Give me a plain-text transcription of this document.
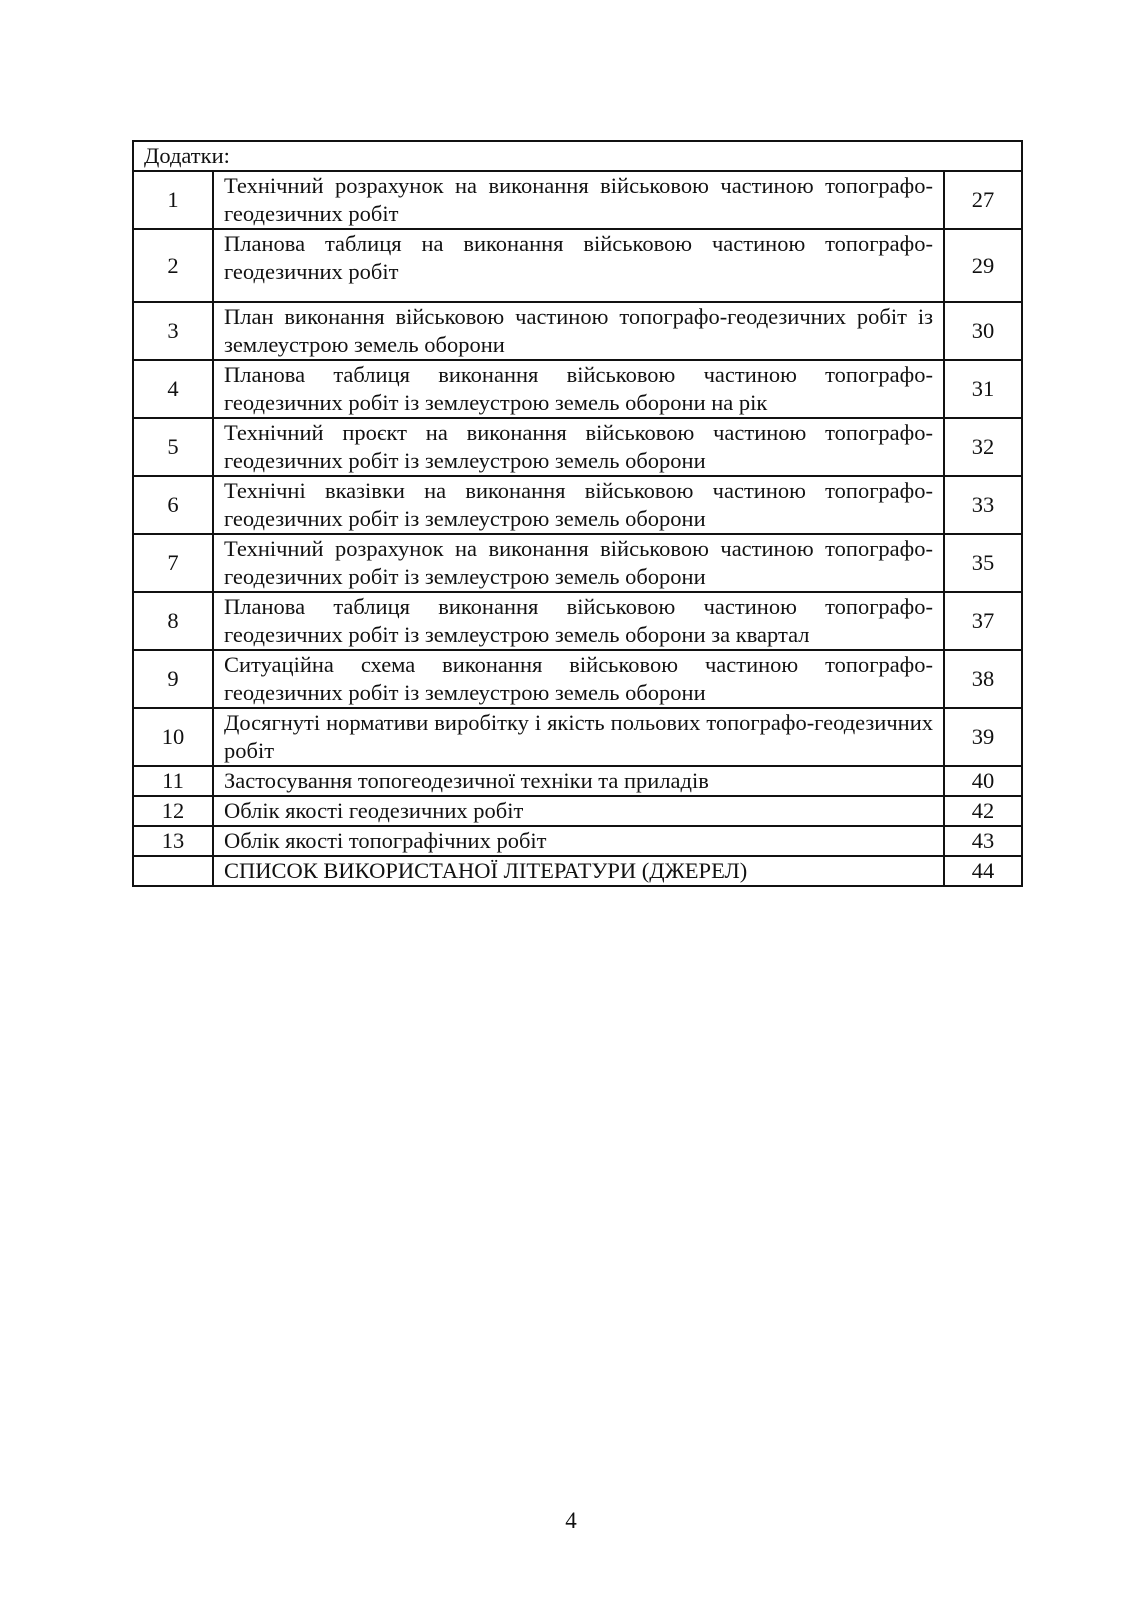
Додатки:		
1	Технічний розрахунок на виконання військовою частиною топографо-геодезичних робіт	27
2	Планова таблиця на виконання військовою частиною топографо-геодезичних робіт	29
3	План виконання військовою частиною топографо-геодезичних робіт із землеустрою земель оборони	30
4	Планова таблиця виконання військовою частиною топографо-геодезичних робіт із землеустрою земель оборони на рік	31
5	Технічний проєкт на виконання військовою частиною топографо-геодезичних робіт із землеустрою земель оборони	32
6	Технічні вказівки на виконання військовою частиною топографо-геодезичних робіт із землеустрою земель оборони	33
7	Технічний розрахунок на виконання військовою частиною топографо-геодезичних робіт із землеустрою земель оборони	35
8	Планова таблиця виконання військовою частиною топографо-геодезичних робіт із землеустрою земель оборони за квартал	37
9	Ситуаційна схема виконання військовою частиною топографо-геодезичних робіт із землеустрою земель оборони	38
10	Досягнуті нормативи виробітку і якість польових топографо-геодезичних робіт	39
11	Застосування топогеодезичної техніки та приладів	40
12	Облік якості геодезичних робіт	42
13	Облік якості топографічних робіт	43
	СПИСОК ВИКОРИСТАНОЇ ЛІТЕРАТУРИ (ДЖЕРЕЛ)	44
4
